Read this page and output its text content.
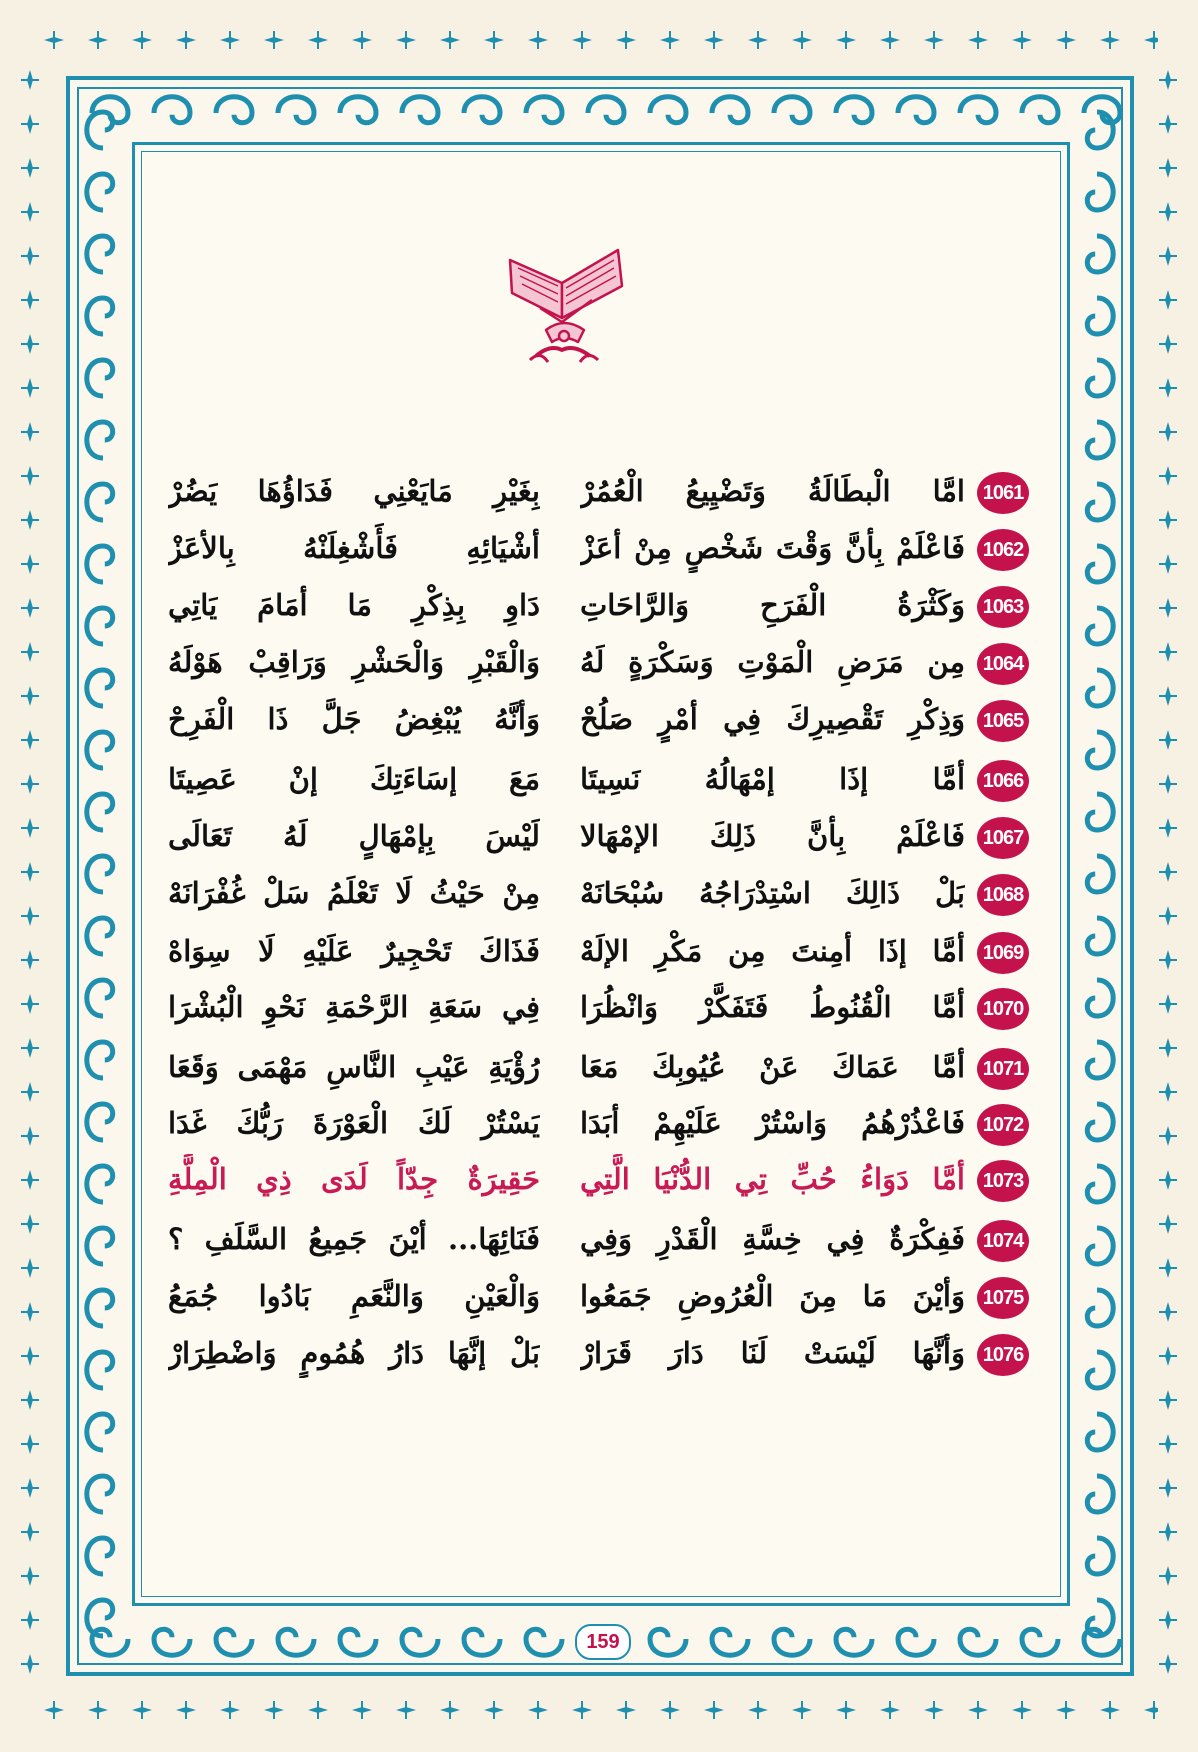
1061
امَّا الْبطَالَةُ وَتَضْيِيعُ الْعُمُرْ
بِغَيْرِ مَايَعْنِي فَدَاؤُهَا يَضُرْ
1062
فَاعْلَمْ بِأنَّ وَقْتَ شَخْصٍ مِنْ أعَزْ
أشْيَائِهِ فَأَشْغِلَنْهُ بِالأعَزْ
1063
وَكَثْرَةُ الْفَرَحِ وَالرَّاحَاتِ
دَاوِ بِذِكْرِ مَا أمَامَ يَاتِي
1064
مِن مَرَضِ الْمَوْتِ وَسَكْرَةٍ لَهُ
وَالْقَبْرِ وَالْحَشْرِ وَرَاقِبْ هَوْلَهُ
1065
وَذِكْرِ تَقْصِيرِكَ فِي أمْرٍ صَلُحْ
وَأنَّهُ يُبْغِضُ جَلَّ ذَا الْفَرِحْ
1066
أمَّا إذَا إمْهَالُهُ نَسِيتَا
مَعَ إسَاءَتِكَ إنْ عَصِيتَا
1067
فَاعْلَمْ بِأنَّ ذَلِكَ الإمْهَالا
لَيْسَ بِإمْهَالٍ لَهُ تَعَالَى
1068
بَلْ ذَالِكَ اسْتِدْرَاجُهُ سُبْحَانَهْ
مِنْ حَيْثُ لَا تَعْلَمُ سَلْ غُفْرَانَهْ
1069
أمَّا إذَا أمِنتَ مِن مَكْرِ الإلَهْ
فَذَاكَ تَحْجِيرٌ عَلَيْهِ لَا سِوَاهْ
1070
أمَّا الْقُنُوطُ فَتَفَكَّرْ وَانْظُرَا
فِي سَعَةِ الرَّحْمَةِ نَحْوِ الْبُشْرَا
1071
أمَّا عَمَاكَ عَنْ عُيُوبِكَ مَعَا
رُؤْيَةِ عَيْبِ النَّاسِ مَهْمَى وَقَعَا
1072
فَاعْذُرْهُمُ وَاسْتُرْ عَلَيْهِمْ أبَدَا
يَسْتُرْ لَكَ الْعَوْرَةَ رَبُّكَ غَدَا
1073
أمَّا دَوَاءُ حُبِّ تِي الدُّنْيَا الَّتِي
حَقِيرَةٌ جِدّاً لَدَى ذِي الْمِلَّةِ
1074
فَفِكْرَةٌ فِي خِسَّةِ الْقَدْرِ وَفِي
فَنَائِهَا... أيْنَ جَمِيعُ السَّلَفِ ؟
1075
وَأيْنَ مَا مِنَ الْعُرُوضِ جَمَعُوا
وَالْعَيْنِ وَالنَّعَمِ بَادُوا جُمَعُ
1076
وَأنَّهَا لَيْسَتْ لَنَا دَارَ قَرَارْ
بَلْ إنَّهَا دَارُ هُمُومٍ وَاضْطِرَارْ
159
